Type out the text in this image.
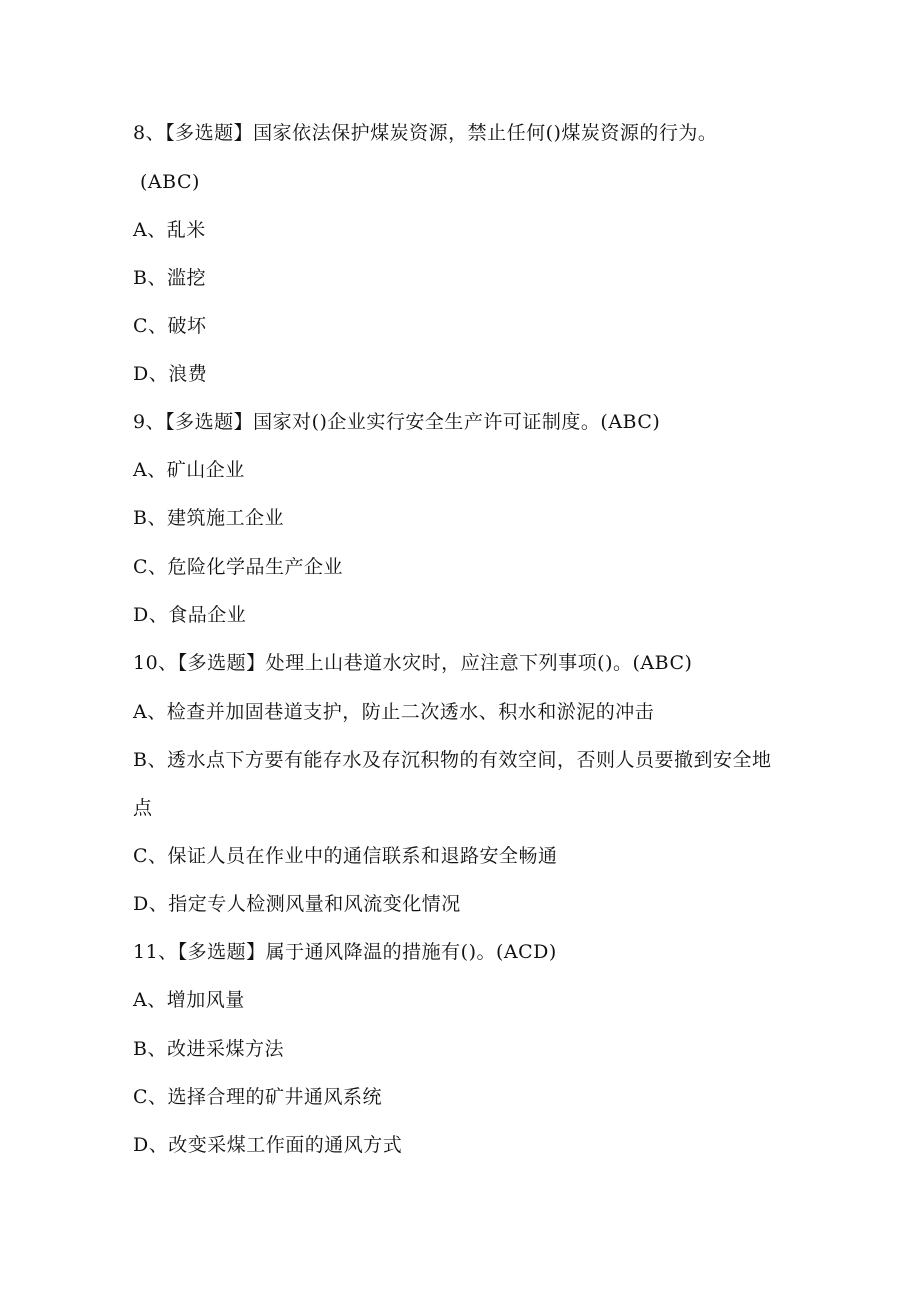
8、【多选题】国家依法保护煤炭资源，禁止任何()煤炭资源的行为。
(ABC)
A、乱米
B、滥挖
C、破坏
D、浪费
9、【多选题】国家对()企业实行安全生产许可证制度。(ABC)
A、矿山企业
B、建筑施工企业
C、危险化学品生产企业
D、食品企业
10、【多选题】处理上山巷道水灾时，应注意下列事项()。(ABC)
A、检查并加固巷道支护，防止二次透水、积水和淤泥的冲击
B、透水点下方要有能存水及存沉积物的有效空间，否则人员要撤到安全地
点
C、保证人员在作业中的通信联系和退路安全畅通
D、指定专人检测风量和风流变化情况
11、【多选题】属于通风降温的措施有()。(ACD)
A、增加风量
B、改进采煤方法
C、选择合理的矿井通风系统
D、改变采煤工作面的通风方式
